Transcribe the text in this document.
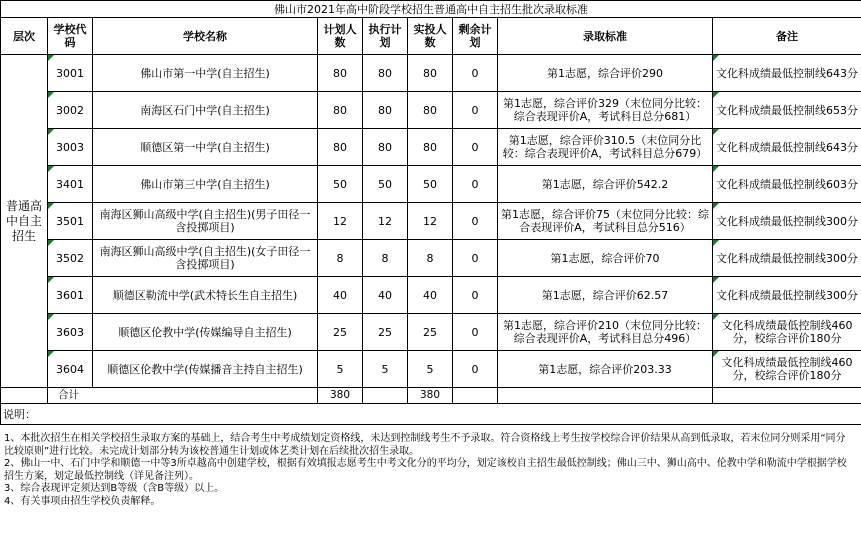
佛山市2021年高中阶段学校招生普通高中自主招生批次录取标准								
层次	学校代码	学校名称	计划人数	执行计划	实投人数	剩余计划	录取标准	备注
普通高中自主招生	3001	佛山市第一中学(自主招生)	80	80	80	0	第1志愿，综合评价290	文化科成绩最低控制线643分
	3002	南海区石门中学(自主招生)	80	80	80	0	第1志愿，综合评价329（末位同分比较：综合表现评价A，考试科目总分681）	文化科成绩最低控制线653分
	3003	顺德区第一中学(自主招生)	80	80	80	0	第1志愿，综合评价310.5（末位同分比较：综合表现评价A，考试科目总分679）	文化科成绩最低控制线643分
	3401	佛山市第三中学(自主招生)	50	50	50	0	第1志愿，综合评价542.2	文化科成绩最低控制线603分
	3501	南海区狮山高级中学(自主招生)(男子田径一含投掷项目)	12	12	12	0	第1志愿，综合评价75（末位同分比较：综合表现评价A，考试科目总分516）	文化科成绩最低控制线300分
	3502	南海区狮山高级中学(自主招生)(女子田径一含投掷项目)	8	8	8	0	第1志愿，综合评价70	文化科成绩最低控制线300分
	3601	顺德区勒流中学(武术特长生自主招生)	40	40	40	0	第1志愿，综合评价62.57	文化科成绩最低控制线300分
	3603	顺德区伦教中学(传媒编导自主招生)	25	25	25	0	第1志愿，综合评价210（末位同分比较：综合表现评价A，考试科目总分496）	文化科成绩最低控制线460分，校综合评价180分
	3604	顺德区伦教中学(传媒播音主持自主招生)	5	5	5	0	第1志愿，综合评价203.33	文化科成绩最低控制线460分，校综合评价180分
	合计		380		380			
说明：								
1、本批次招生在相关学校招生录取方案的基础上，结合考生中考成绩划定资格线，未达到控制线考生不予录取。符合资格线上考生按学校综合评价结果从高到低录取，若末位同分则采用“同分比较原则”进行比较。未完成计划部分转为该校普通生计划或体艺类计划在后续批次招生录取。
2、佛山一中、石门中学和顺德一中等3所卓越高中创建学校，根据有效填报志愿考生中考文化分的平均分，划定该校自主招生最低控制线；佛山三中、狮山高中、伦教中学和勒流中学根据学校招生方案，划定最低控制线（详见备注列）。
3、综合表现评定须达到B等级（含B等级）以上。
4、有关事项由招生学校负责解释。
